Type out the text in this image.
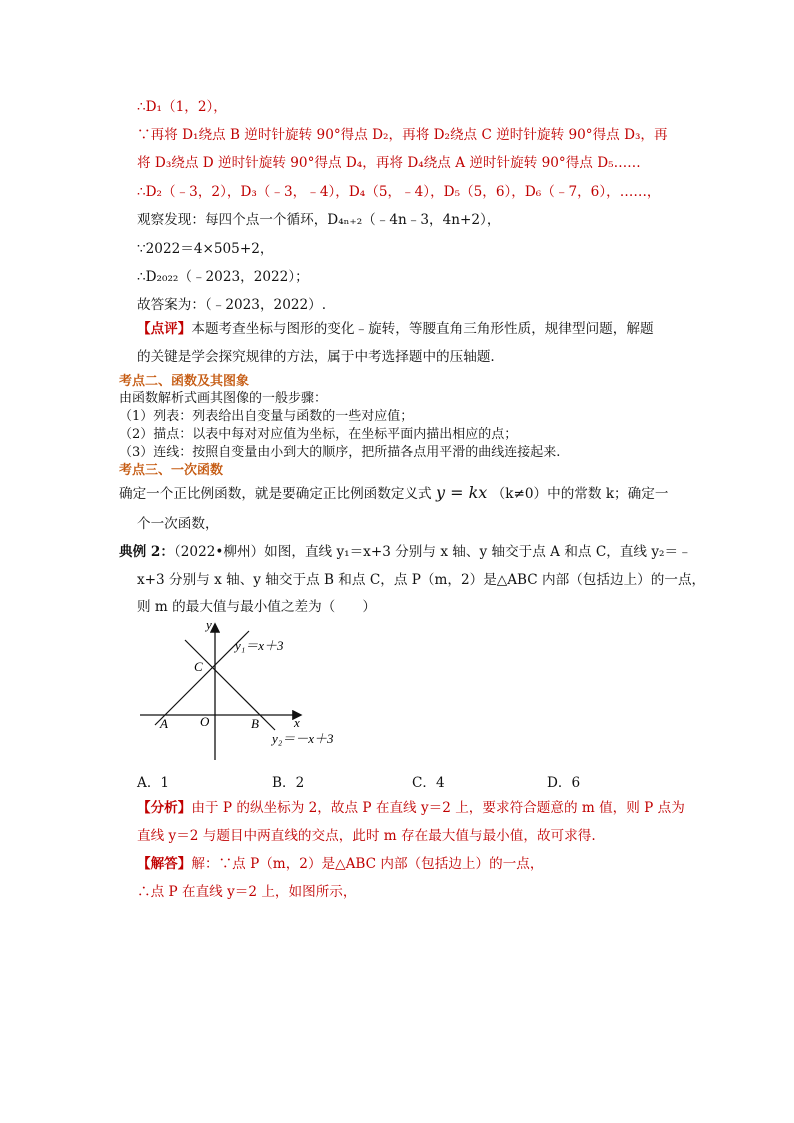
∴D₁（1，2），
∵再将 D₁绕点 B 逆时针旋转 90°得点 D₂，再将 D₂绕点 C 逆时针旋转 90°得点 D₃，再
将 D₃绕点 D 逆时针旋转 90°得点 D₄，再将 D₄绕点 A 逆时针旋转 90°得点 D₅……
∴D₂（﹣3，2），D₃（﹣3，﹣4），D₄（5，﹣4），D₅（5，6），D₆（﹣7，6），……，
观察发现：每四个点一个循环，D₄ₙ₊₂（﹣4n﹣3，4n+2），
∵2022＝4×505+2，
∴D₂₀₂₂（﹣2023，2022）；
故答案为：（﹣2023，2022）.
【点评】本题考查坐标与图形的变化﹣旋转，等腰直角三角形性质，规律型问题，解题
的关键是学会探究规律的方法，属于中考选择题中的压轴题.
考点二、函数及其图象
由函数解析式画其图像的一般步骤：
（1）列表：列表给出自变量与函数的一些对应值；
（2）描点：以表中每对对应值为坐标，在坐标平面内描出相应的点；
（3）连线：按照自变量由小到大的顺序，把所描各点用平滑的曲线连接起来.
考点三、一次函数
确定一个正比例函数，就是要确定正比例函数定义式 y = kx （k≠0）中的常数 k；确定一
个一次函数，
典例 2：（2022•柳州）如图，直线 y₁＝x+3 分别与 x 轴、y 轴交于点 A 和点 C，直线 y₂＝﹣
x+3 分别与 x 轴、y 轴交于点 B 和点 C，点 P（m，2）是△ABC 内部（包括边上）的一点，
则 m 的最大值与最小值之差为（　　）
y
x
y₁＝x＋3
y₂＝－x＋3
A O	B
C
A．1	B．2	C．4	D．6
【分析】由于 P 的纵坐标为 2，故点 P 在直线 y＝2 上，要求符合题意的 m 值，则 P 点为
直线 y＝2 与题目中两直线的交点，此时 m 存在最大值与最小值，故可求得.
【解答】解：∵点 P（m，2）是△ABC 内部（包括边上）的一点，
∴点 P 在直线 y＝2 上，如图所示，
